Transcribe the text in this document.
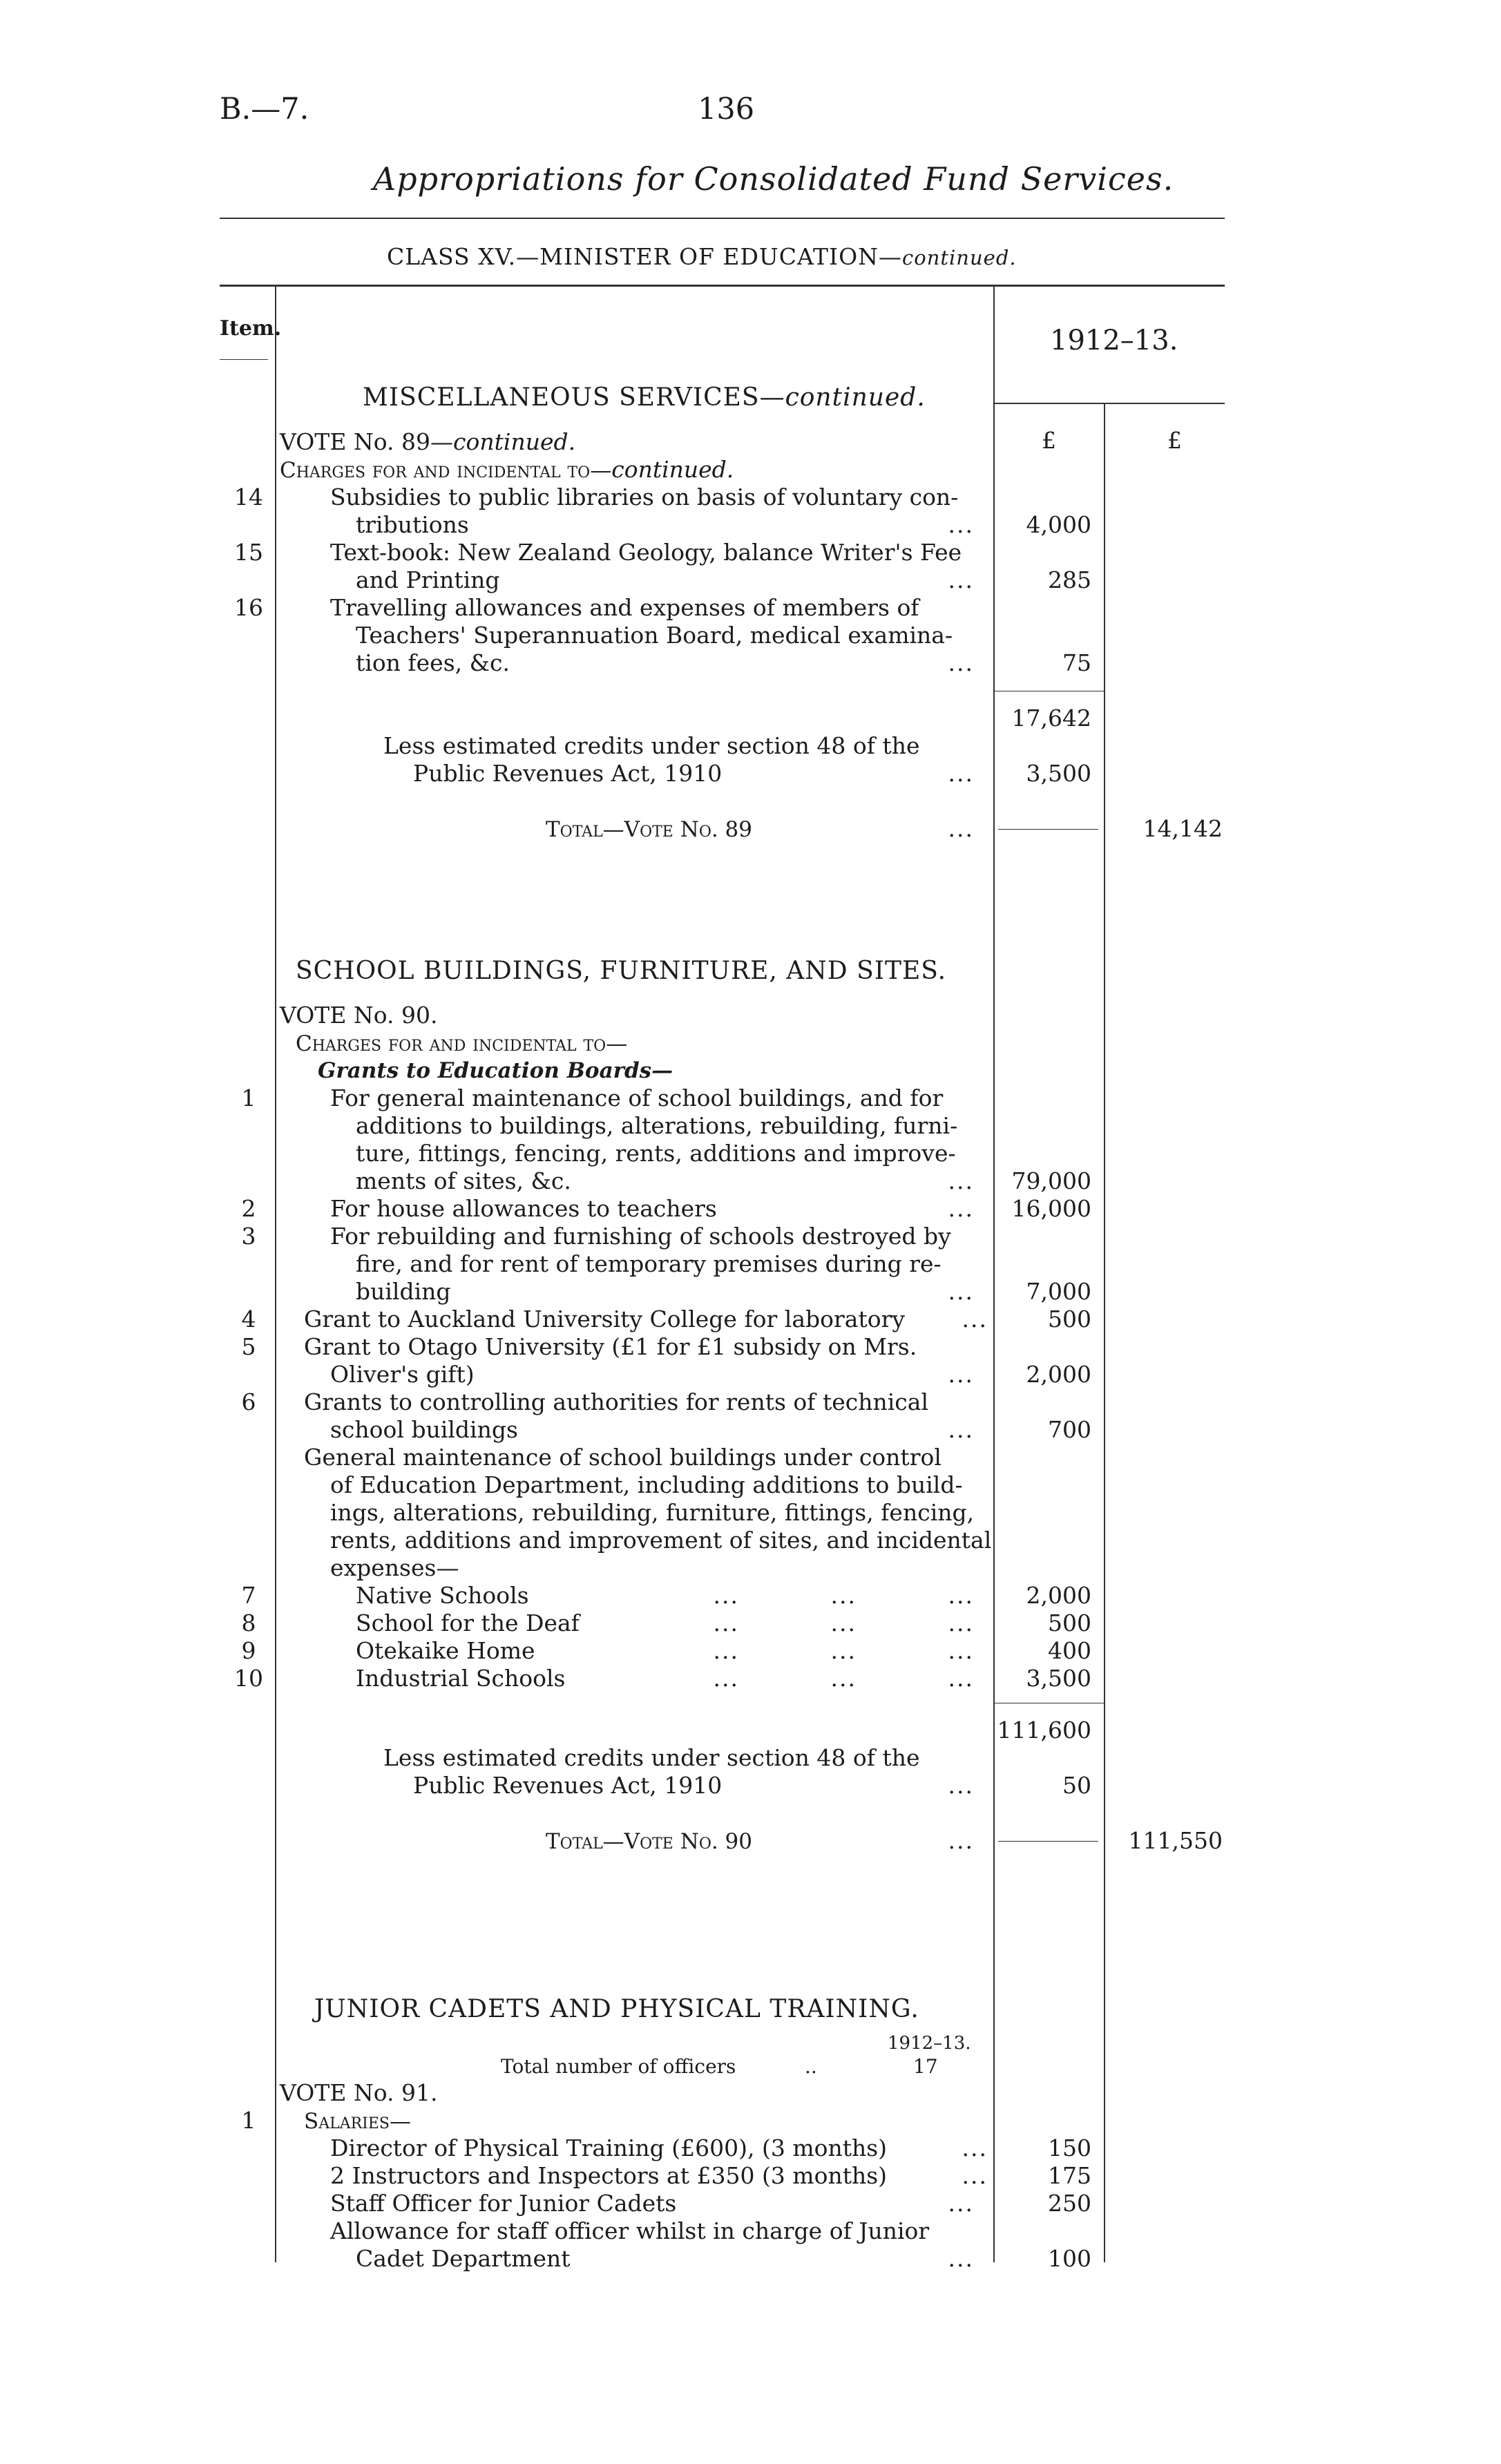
B.—7.	136
Appropriations for Consolidated Fund Services.
CLASS XV.—MINISTER OF EDUCATION—continued.
Item.	1912–13.
£	£
MISCELLANEOUS SERVICES—continued.
VOTE No. 89—continued.
Charges for and incidental to—continued.
14	Subsidies to public libraries on basis of voluntary con-
tributions	...	4,000
15	Text-book: New Zealand Geology, balance Writer's Fee
and Printing	...	285
16	Travelling allowances and expenses of members of
Teachers' Superannuation Board, medical examina-
tion fees, &c.	...	75
17,642
Less estimated credits under section 48 of the
Public Revenues Act, 1910	...	3,500
Total—Vote No. 89	...	14,142
SCHOOL BUILDINGS, FURNITURE, AND SITES.
VOTE No. 90.
Charges for and incidental to—
Grants to Education Boards—
1	For general maintenance of school buildings, and for
additions to buildings, alterations, rebuilding, furni-
ture, fittings, fencing, rents, additions and improve-
ments of sites, &c.	...	79,000
2	For house allowances to teachers	...	16,000
3	For rebuilding and furnishing of schools destroyed by
fire, and for rent of temporary premises during re-
building	...	7,000
4	Grant to Auckland University College for laboratory	...	500
5	Grant to Otago University (£1 for £1 subsidy on Mrs.
Oliver's gift)	...	2,000
6	Grants to controlling authorities for rents of technical
school buildings	...	700
General maintenance of school buildings under control
of Education Department, including additions to build-
ings, alterations, rebuilding, furniture, fittings, fencing,
rents, additions and improvement of sites, and incidental
expenses—
7	Native Schools	...	...	...	2,000
8	School for the Deaf	...	...	...	500
9	Otekaike Home	...	...	...	400
10	Industrial Schools	...	...	...	3,500
111,600
Less estimated credits under section 48 of the
Public Revenues Act, 1910	...	50
Total—Vote No. 90	...	111,550
JUNIOR CADETS AND PHYSICAL TRAINING.
1912–13.
Total number of officers	..	17
VOTE No. 91.
1	Salaries—
Director of Physical Training (£600), (3 months)	...	150
2 Instructors and Inspectors at £350 (3 months)	...	175
Staff Officer for Junior Cadets	...	250
Allowance for staff officer whilst in charge of Junior
Cadet Department	...	100
